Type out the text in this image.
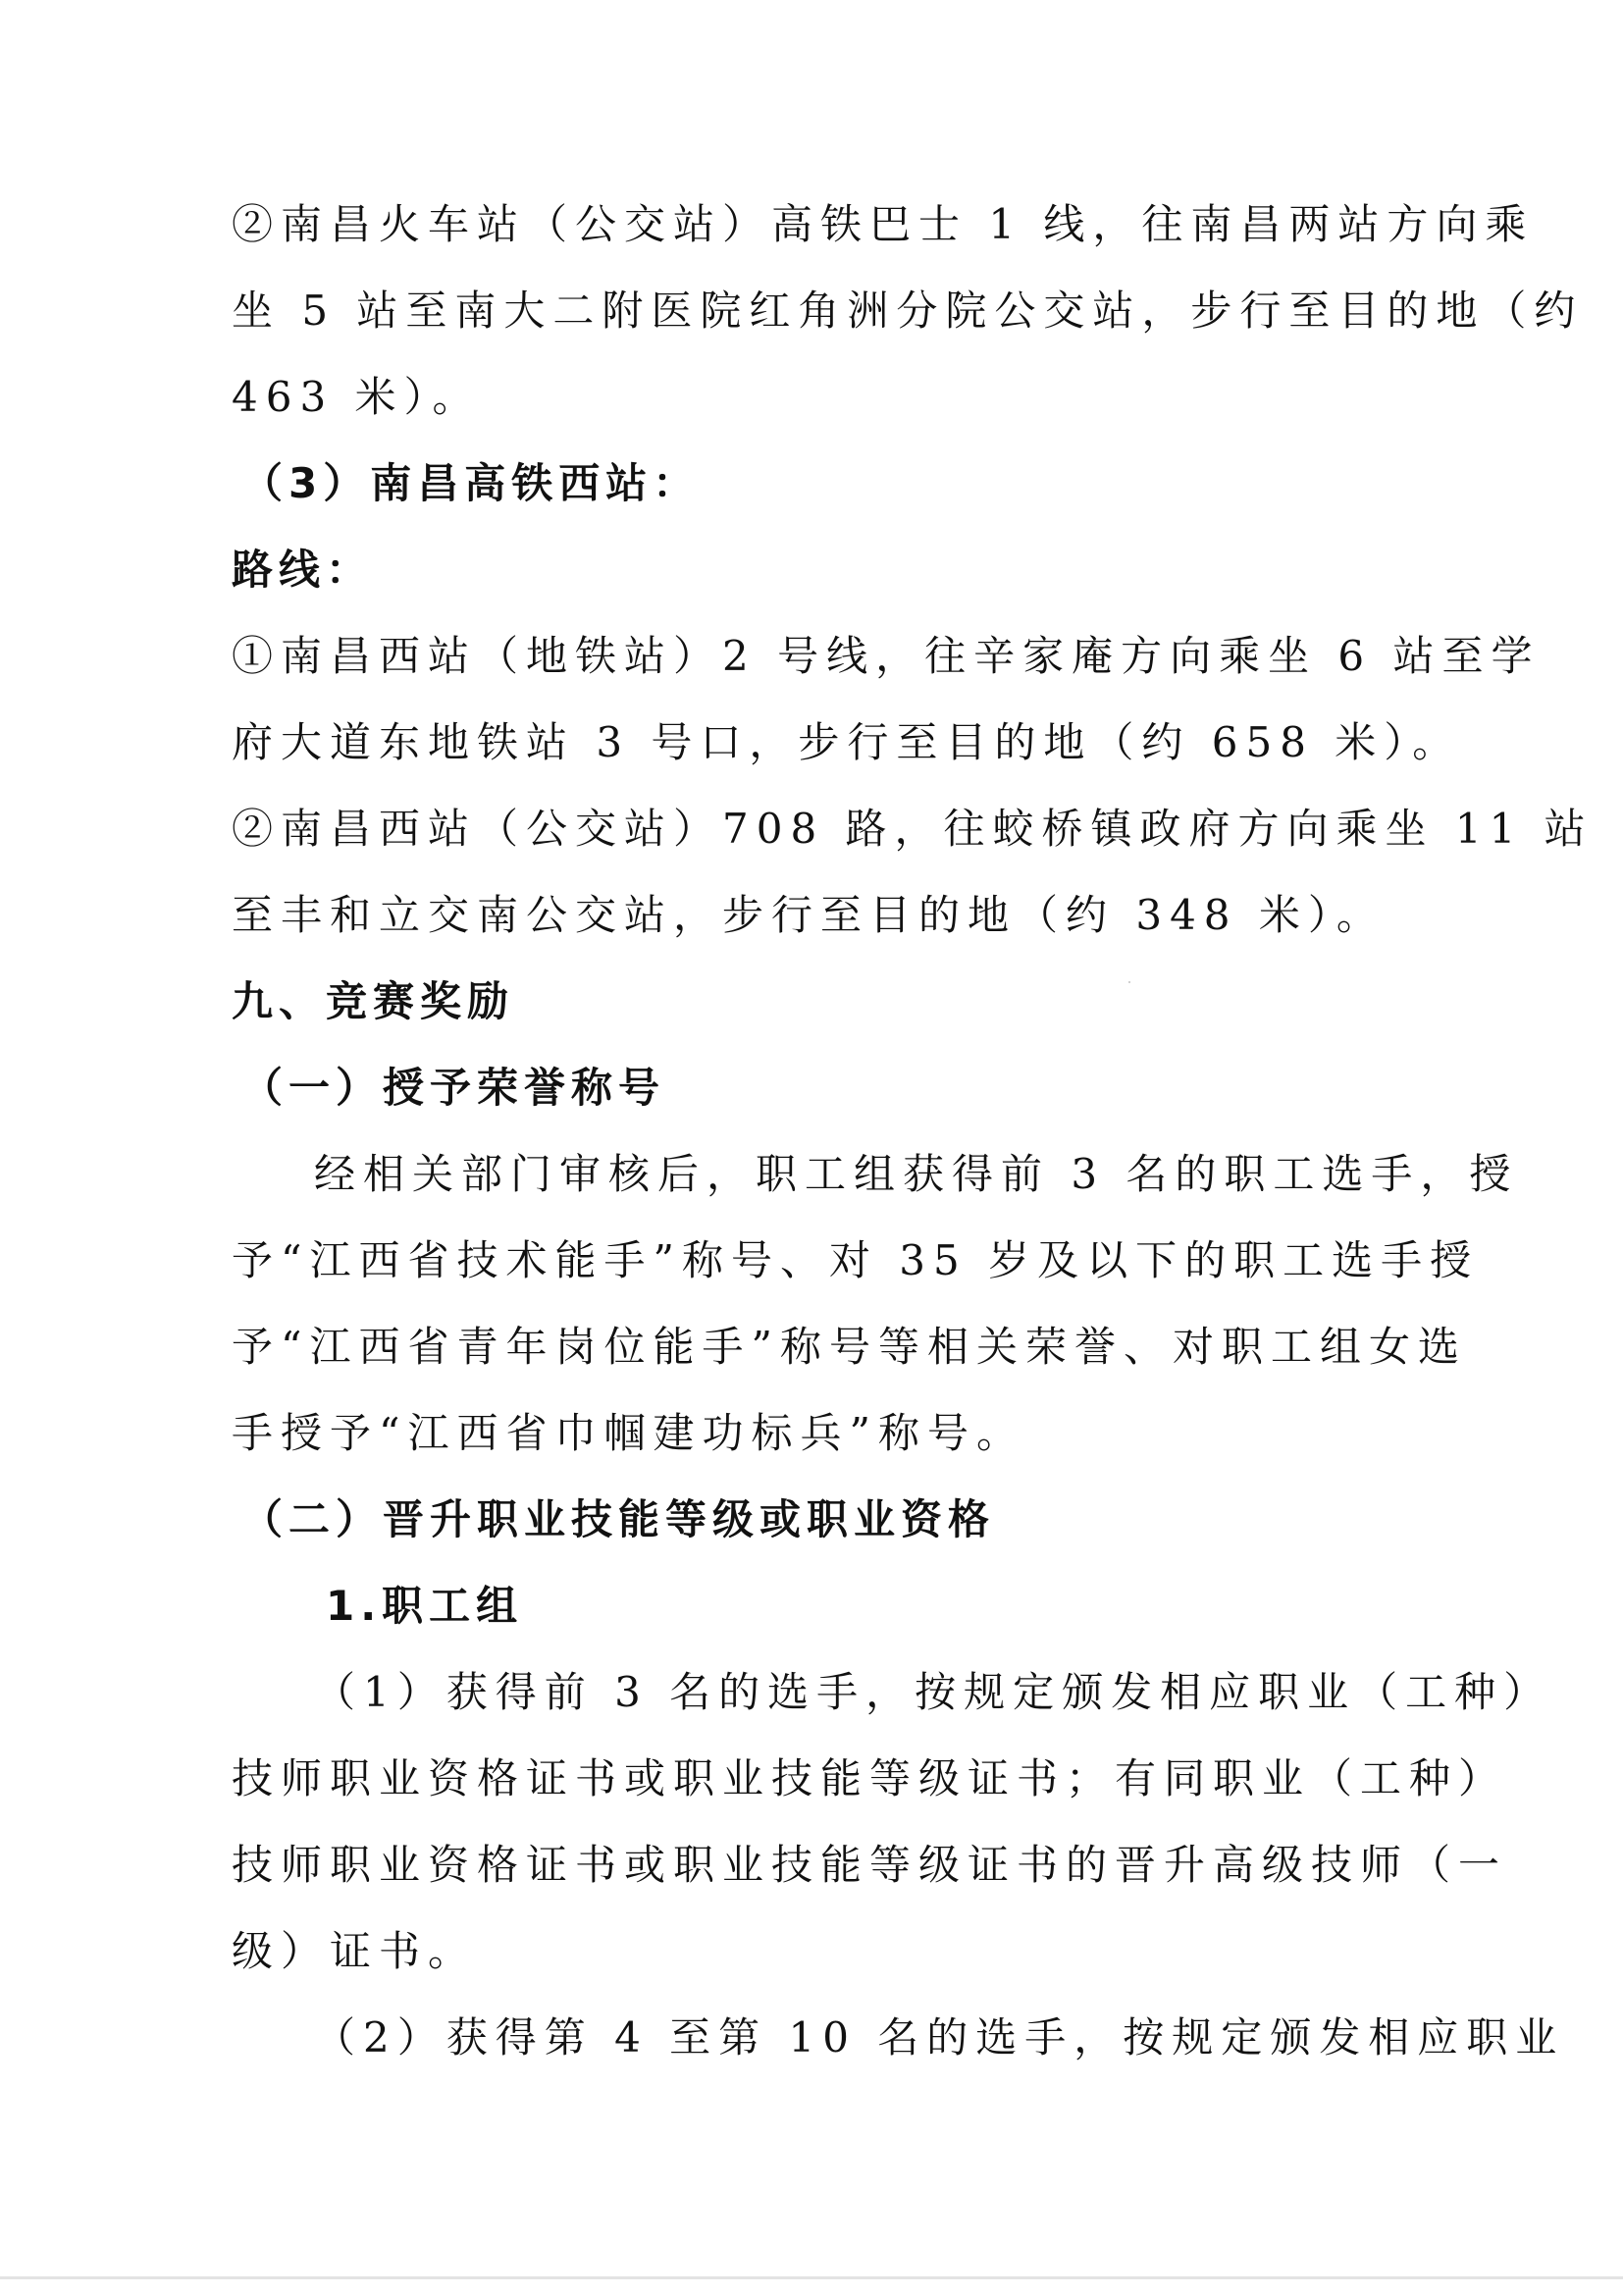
②南昌火车站（公交站）高铁巴士 1 线，往南昌两站方向乘
坐 5 站至南大二附医院红角洲分院公交站，步行至目的地（约
463 米）。
（3）南昌高铁西站：
路线：
①南昌西站（地铁站）2 号线，往辛家庵方向乘坐 6 站至学
府大道东地铁站 3 号口，步行至目的地（约 658 米）。
②南昌西站（公交站）708 路，往蛟桥镇政府方向乘坐 11 站
至丰和立交南公交站，步行至目的地（约 348 米）。
九、竞赛奖励
（一）授予荣誉称号
经相关部门审核后，职工组获得前 3 名的职工选手，授
予“江西省技术能手”称号、对 35 岁及以下的职工选手授
予“江西省青年岗位能手”称号等相关荣誉、对职工组女选
手授予“江西省巾帼建功标兵”称号。
（二）晋升职业技能等级或职业资格
1.职工组
（1）获得前 3 名的选手，按规定颁发相应职业（工种）
技师职业资格证书或职业技能等级证书；有同职业（工种）
技师职业资格证书或职业技能等级证书的晋升高级技师（一
级）证书。
（2）获得第 4 至第 10 名的选手，按规定颁发相应职业
